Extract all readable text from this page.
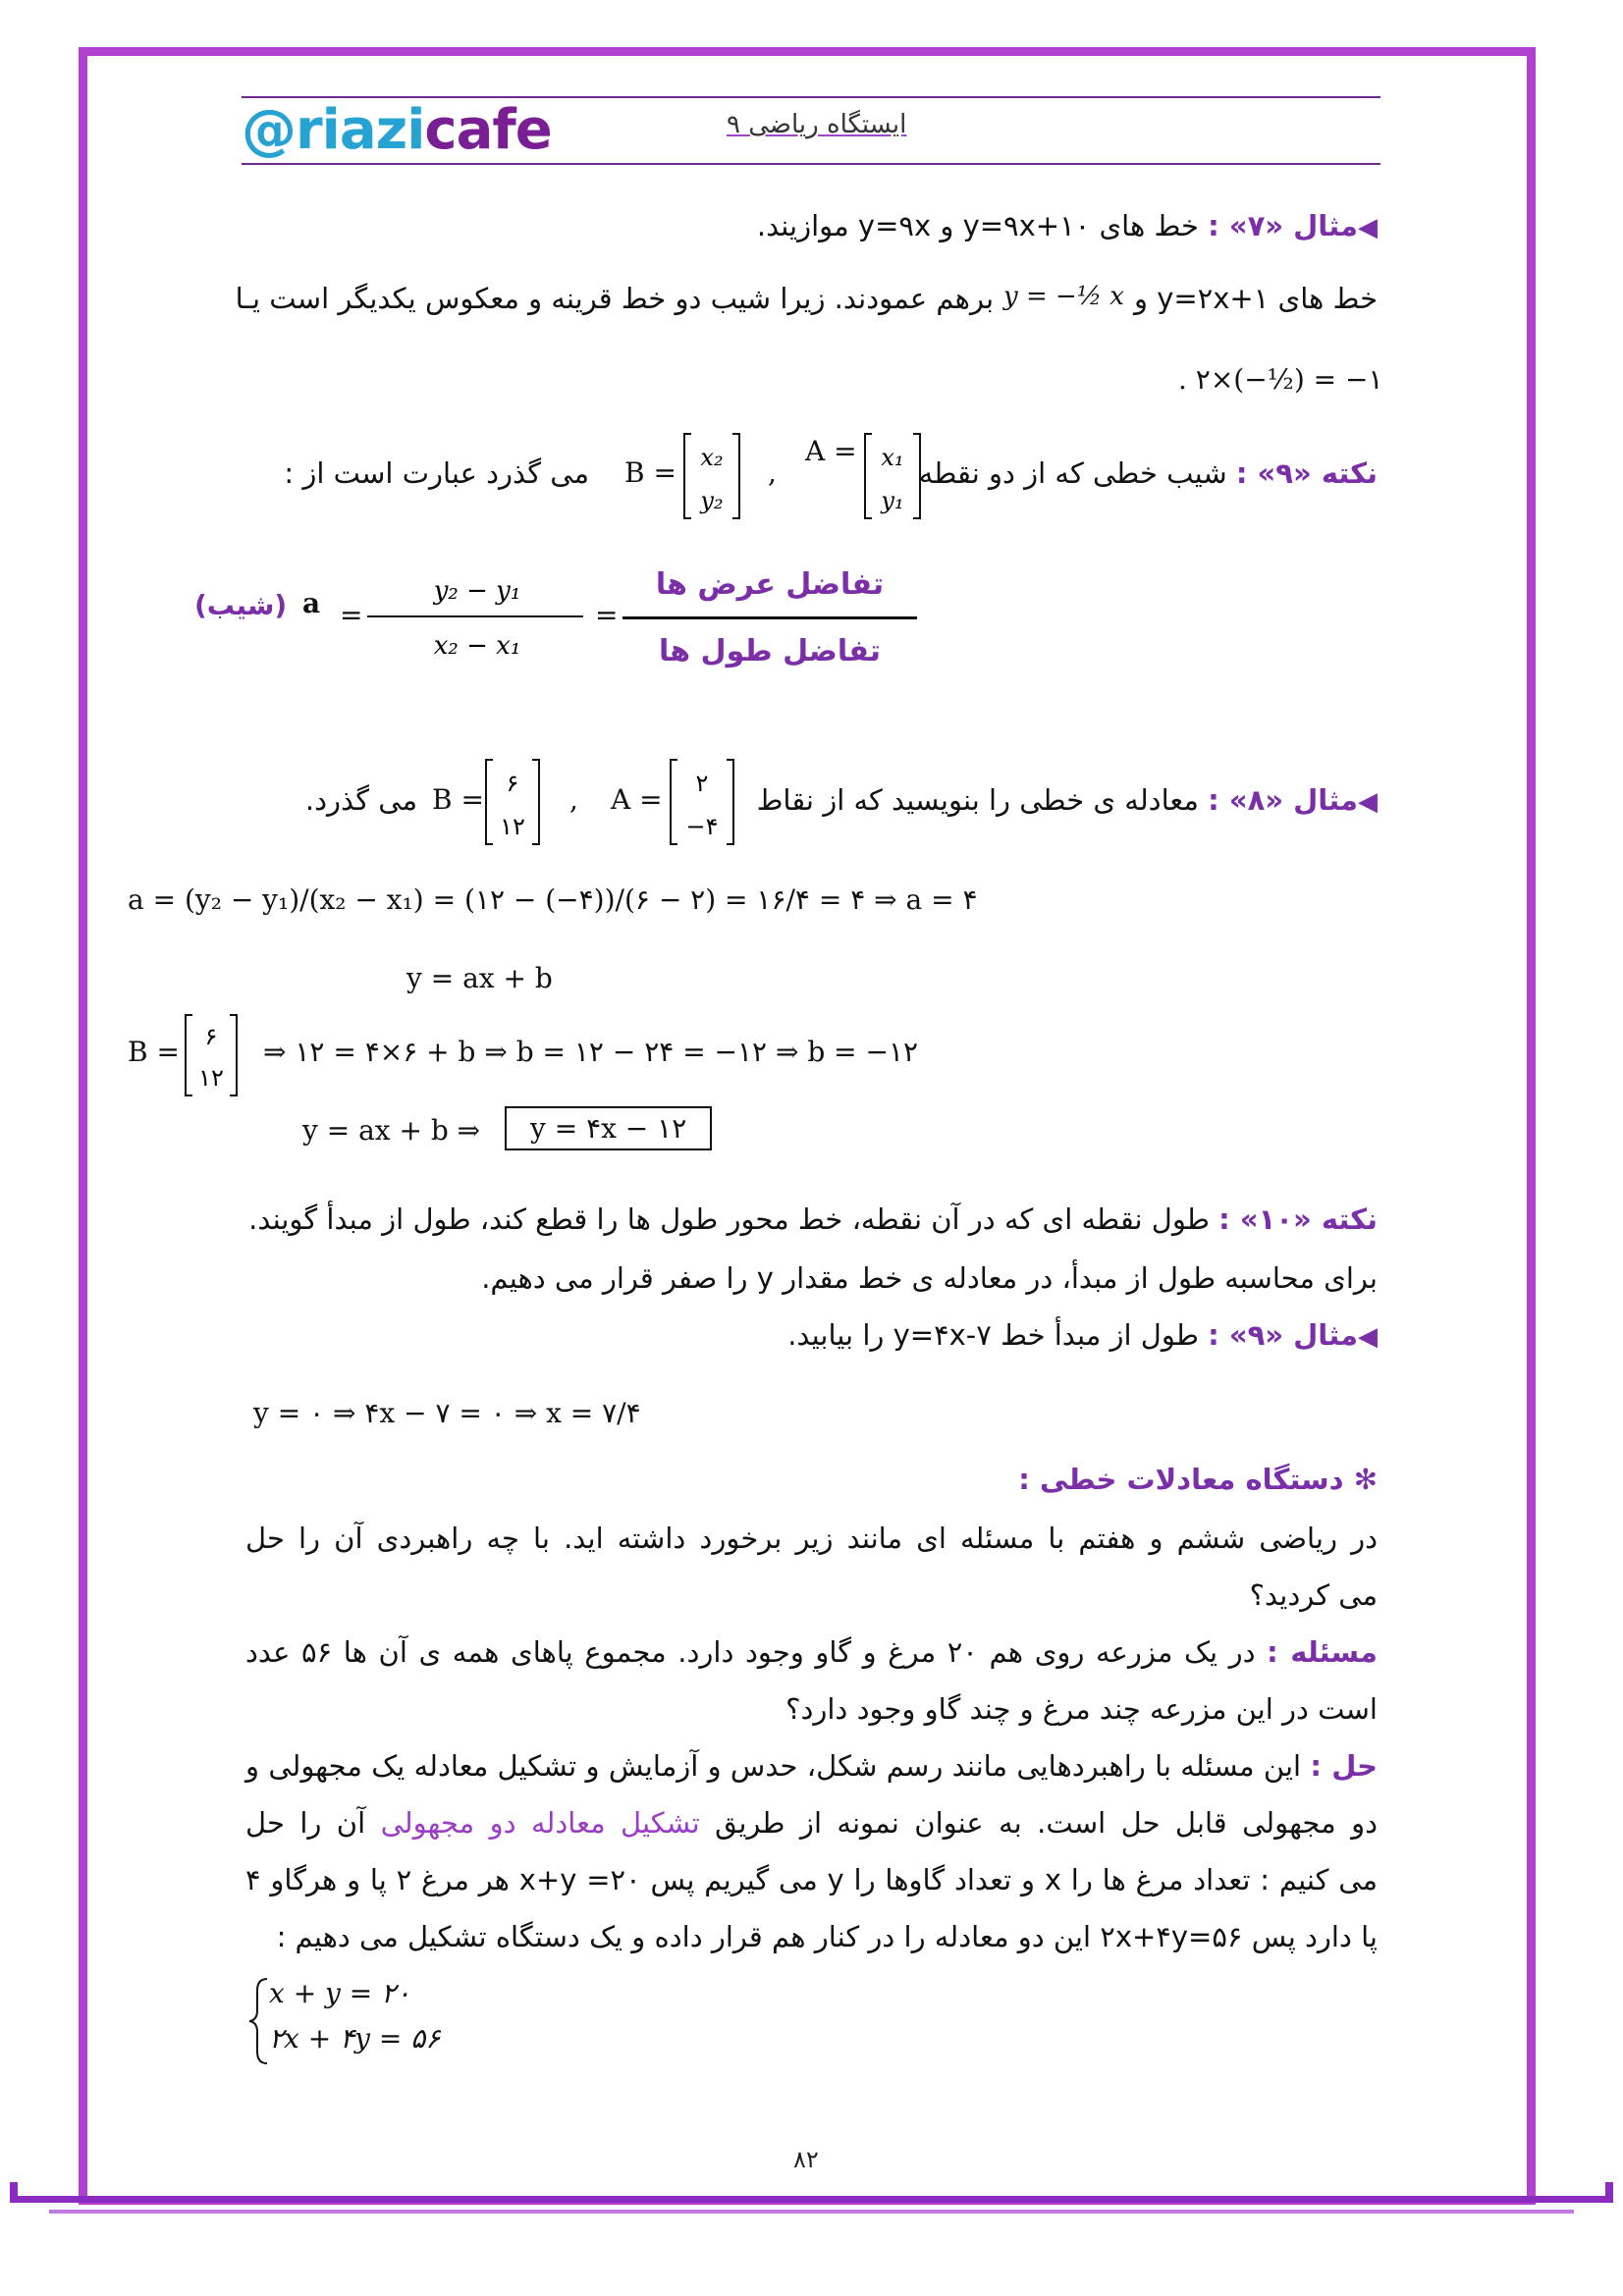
@riazicafe	ایستگاه ریاضی ۹
◀مثال «۷» : خط های y=۹x+۱۰ و y=۹x موازیند.
خط های y=۲x+۱ و
y = −½ x
برهم عمودند. زیرا شیب دو خط قرینه و معکوس یکدیگر است یـا
. ۲×(−½) = −۱
نکته «۹» : شیب خطی که از دو نقطه
A = x₁
y₁
,
B = x₂
y₂
می گذرد عبارت است از :
(شیب) a =
y₂ − y₁
x₂ − x₁
=
تفاضل عرض ها
تفاضل طول ها
◀مثال «۸» : معادله ی خطی را بنویسید که از نقاط
A = ۲
−۴
,
B = ۶
۱۲
می گذرد.
a = (y₂ − y₁)/(x₂ − x₁) = (۱۲ − (−۴))/(۶ − ۲) = ۱۶/۴ = ۴ ⇒ a = ۴
y = ax + b
B = ۶
۱۲
⇒ ۱۲ = ۴×۶ + b ⇒ b = ۱۲ − ۲۴ = −۱۲ ⇒ b = −۱۲
y = ax + b ⇒	y = ۴x − ۱۲
نکته «۱۰» : طول نقطه ای که در آن نقطه، خط محور طول ها را قطع کند، طول از مبدأ گویند.
برای محاسبه طول از مبدأ، در معادله ی خط مقدار y را صفر قرار می دهیم.
◀مثال «۹» : طول از مبدأ خط y=۴x-۷ را بیابید.
y = ۰ ⇒ ۴x − ۷ = ۰ ⇒ x = ۷/۴
✻ دستگاه معادلات خطی :
در ریاضی ششم و هفتم با مسئله ای مانند زیر برخورد داشته اید. با چه راهبردی آن را حل
می کردید؟
مسئله : در یک مزرعه روی هم ۲۰ مرغ و گاو وجود دارد. مجموع پاهای همه ی آن ها ۵۶ عدد
است در این مزرعه چند مرغ و چند گاو وجود دارد؟
حل : این مسئله با راهبردهایی مانند رسم شکل، حدس و آزمایش و تشکیل معادله یک مجهولی و
دو مجهولی قابل حل است. به عنوان نمونه از طریق تشکیل معادله دو مجهولی آن را حل
می کنیم : تعداد مرغ ها را x و تعداد گاوها را y می گیریم پس x+y =۲۰ هر مرغ ۲ پا و هرگاو ۴
پا دارد پس ۲x+۴y=۵۶ این دو معادله را در کنار هم قرار داده و یک دستگاه تشکیل می دهیم :
x + y = ۲۰
۲x + ۴y = ۵۶
۸۲
